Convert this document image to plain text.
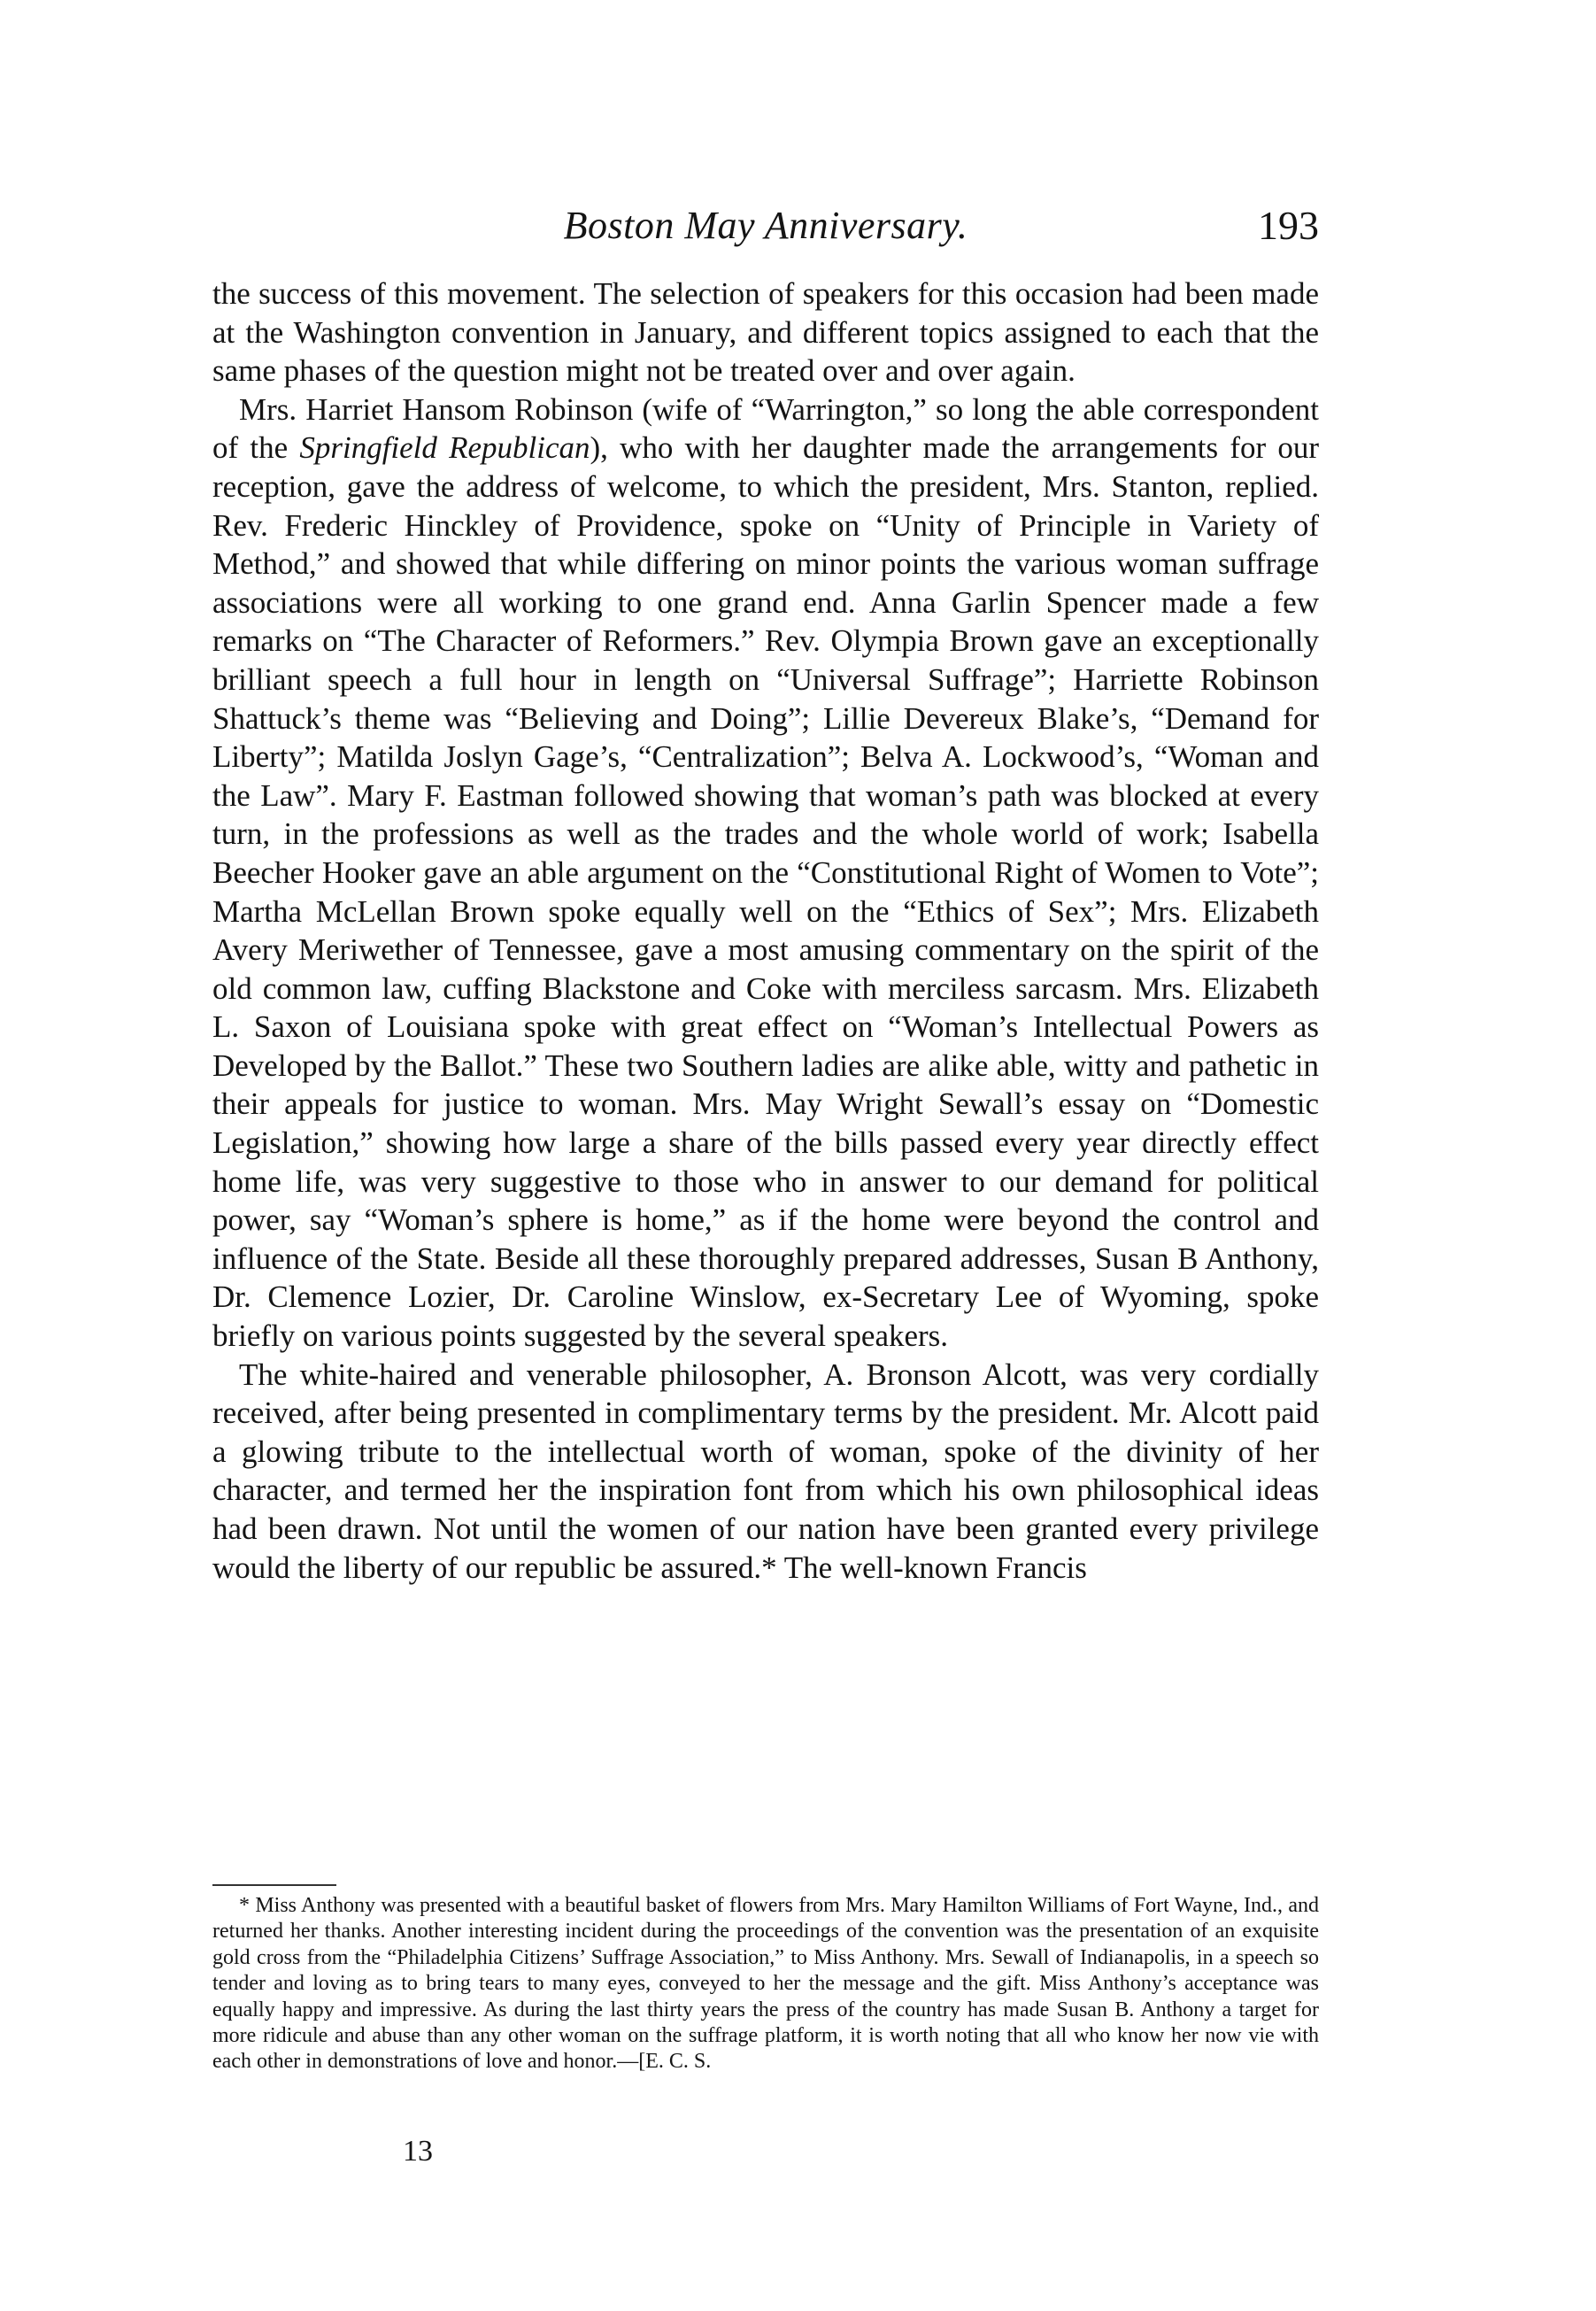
Boston May Anniversary.	193

the success of this movement. The selection of speakers for this occasion had been made at the Washington convention in January, and different topics assigned to each that the same phases of the question might not be treated over and over again.

Mrs. Harriet Hansom Robinson (wife of “Warrington,” so long the able correspondent of the Springfield Republican), who with her daughter made the arrangements for our reception, gave the address of welcome, to which the president, Mrs. Stanton, replied. Rev. Frederic Hinckley of Providence, spoke on “Unity of Principle in Variety of Method,” and showed that while differing on minor points the various woman suffrage associations were all working to one grand end. Anna Garlin Spencer made a few remarks on “The Character of Reformers.” Rev. Olympia Brown gave an exceptionally brilliant speech a full hour in length on “Universal Suffrage”; Harriette Robinson Shattuck’s theme was “Believing and Doing”; Lillie Devereux Blake’s, “Demand for Liberty”; Matilda Joslyn Gage’s, “Centralization”; Belva A. Lockwood’s, “Woman and the Law”. Mary F. Eastman followed showing that woman’s path was blocked at every turn, in the professions as well as the trades and the whole world of work; Isabella Beecher Hooker gave an able argument on the “Constitutional Right of Women to Vote”; Martha McLellan Brown spoke equally well on the “Ethics of Sex”; Mrs. Elizabeth Avery Meriwether of Tennessee, gave a most amusing commentary on the spirit of the old common law, cuffing Blackstone and Coke with merciless sarcasm. Mrs. Elizabeth L. Saxon of Louisiana spoke with great effect on “Woman’s Intellectual Powers as Developed by the Ballot.” These two Southern ladies are alike able, witty and pathetic in their appeals for justice to woman. Mrs. May Wright Sewall’s essay on “Domestic Legislation,” showing how large a share of the bills passed every year directly effect home life, was very suggestive to those who in answer to our demand for political power, say “Woman’s sphere is home,” as if the home were beyond the control and influence of the State. Beside all these thoroughly prepared addresses, Susan B Anthony, Dr. Clemence Lozier, Dr. Caroline Winslow, ex-Secretary Lee of Wyoming, spoke briefly on various points suggested by the several speakers.

The white-haired and venerable philosopher, A. Bronson Alcott, was very cordially received, after being presented in complimentary terms by the president. Mr. Alcott paid a glowing tribute to the intellectual worth of woman, spoke of the divinity of her character, and termed her the inspiration font from which his own philosophical ideas had been drawn. Not until the women of our nation have been granted every privilege would the liberty of our republic be assured.* The well-known Francis

* Miss Anthony was presented with a beautiful basket of flowers from Mrs. Mary Hamilton Williams of Fort Wayne, Ind., and returned her thanks. Another interesting incident during the proceedings of the convention was the presentation of an exquisite gold cross from the “Philadelphia Citizens’ Suffrage Association,” to Miss Anthony. Mrs. Sewall of Indianapolis, in a speech so tender and loving as to bring tears to many eyes, conveyed to her the message and the gift. Miss Anthony’s acceptance was equally happy and impressive. As during the last thirty years the press of the country has made Susan B. Anthony a target for more ridicule and abuse than any other woman on the suffrage platform, it is worth noting that all who know her now vie with each other in demonstrations of love and honor.—[E. C. S.

13
